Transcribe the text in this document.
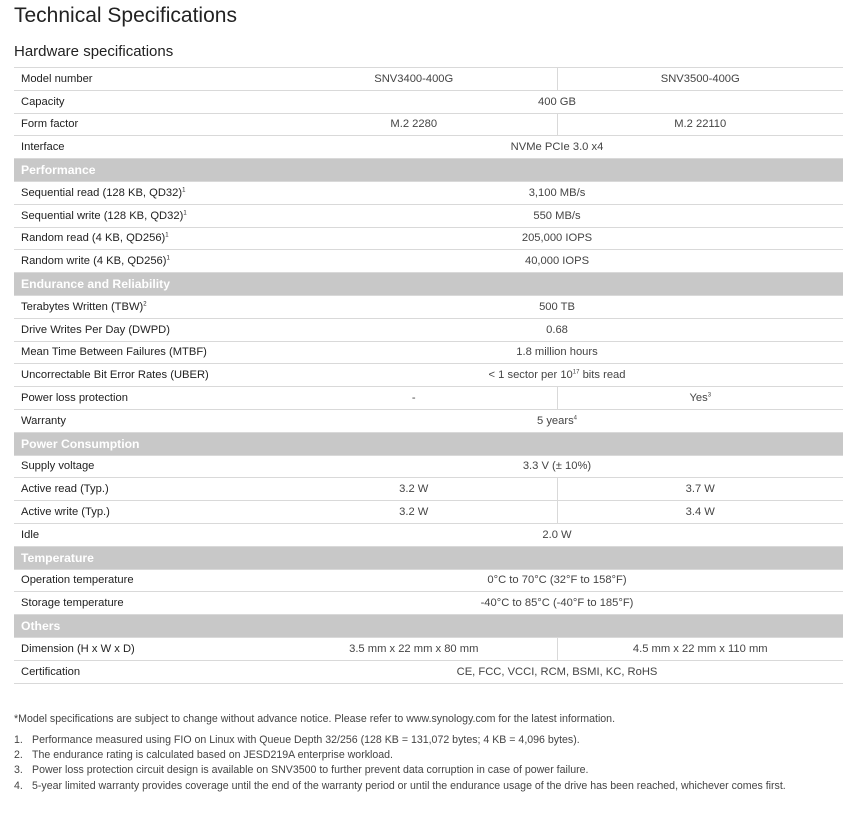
Technical Specifications
Hardware specifications
Model number	SNV3400-400G	SNV3500-400G
Capacity	400 GB	
Form factor	M.2 2280	M.2 22110
Interface	NVMe PCIe 3.0 x4	
Performance		
Sequential read (128 KB, QD32)$^1$	3,100 MB/s	
Sequential write (128 KB, QD32)$^1$	550 MB/s	
Random read (4 KB, QD256)$^1$	205,000 IOPS	
Random write (4 KB, QD256)$^1$	40,000 IOPS	
Endurance and Reliability		
Terabytes Written (TBW)$^2$	500 TB	
Drive Writes Per Day (DWPD)	0.68	
Mean Time Between Failures (MTBF)	1.8 million hours	
Uncorrectable Bit Error Rates (UBER)	< 1 sector per $10^{17}$ bits read	
Power loss protection	-	Yes$^3$
Warranty	5 years$^4$
Power Consumption		
Supply voltage	3.3 V (± 10%)	
Active read (Typ.)	3.2 W	3.7 W
Active write (Typ.)	3.2 W	3.4 W
Idle	2.0 W	
Temperature		
Operation temperature	0°C to 70°C (32°F to 158°F)	
Storage temperature	-40°C to 85°C (-40°F to 185°F)	
Others		
Dimension (H x W x D)	3.5 mm x 22 mm x 80 mm	4.5 mm x 22 mm x 110 mm
Certification	CE, FCC, VCCI, RCM, BSMI, KC, RoHS	

*Model specifications are subject to change without advance notice. Please refer to www.synology.com for the latest information.

1. Performance measured using FIO on Linux with Queue Depth 32/256 (128 KB = 131,072 bytes; 4 KB = 4,096 bytes).
2. The endurance rating is calculated based on JESD219A enterprise workload.
3. Power loss protection circuit design is available on SNV3500 to further prevent data corruption in case of power failure.
4. 5-year limited warranty provides coverage until the end of the warranty period or until the endurance usage of the drive has been reached, whichever comes first.
